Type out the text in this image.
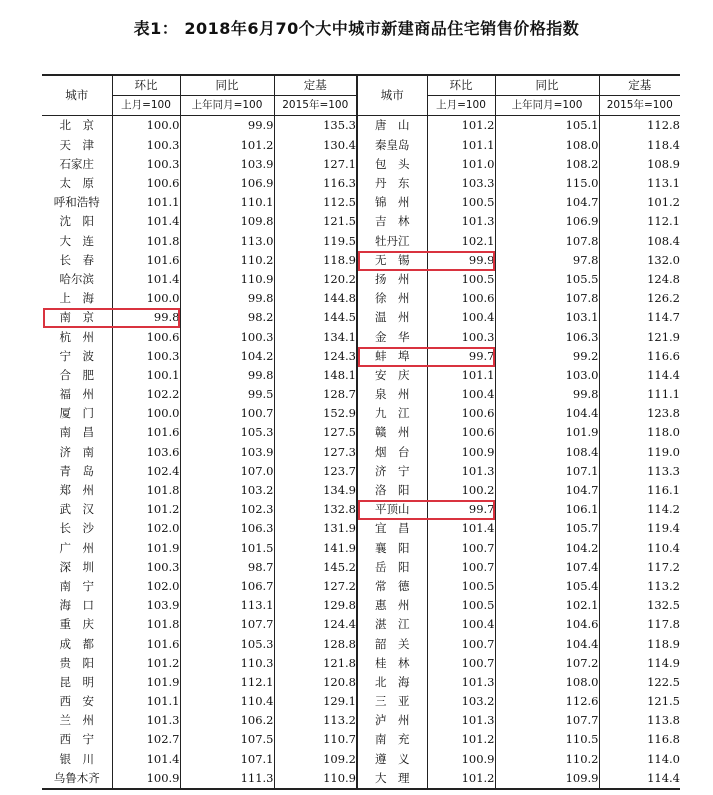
表1： 2018年6月70个大中城市新建商品住宅销售价格指数
城市	环比	同比	定基	城市	环比	同比	定基
	上月=100	上年同月=100	2015年=100		上月=100	上年同月=100	2015年=100
北　京	100.0	99.9	135.3	唐　山	101.2	105.1	112.8
天　津	100.3	101.2	130.4	秦皇岛	101.1	108.0	118.4
石家庄	100.3	103.9	127.1	包　头	101.0	108.2	108.9
太　原	100.6	106.9	116.3	丹　东	103.3	115.0	113.1
呼和浩特	101.1	110.1	112.5	锦　州	100.5	104.7	101.2
沈　阳	101.4	109.8	121.5	吉　林	101.3	106.9	112.1
大　连	101.8	113.0	119.5	牡丹江	102.1	107.8	108.4
长　春	101.6	110.2	118.9	无　锡	99.9	97.8	132.0
哈尔滨	101.4	110.9	120.2	扬　州	100.5	105.5	124.8
上　海	100.0	99.8	144.8	徐　州	100.6	107.8	126.2
南　京	99.8	98.2	144.5	温　州	100.4	103.1	114.7
杭　州	100.6	100.3	134.1	金　华	100.3	106.3	121.9
宁　波	100.3	104.2	124.3	蚌　埠	99.7	99.2	116.6
合　肥	100.1	99.8	148.1	安　庆	101.1	103.0	114.4
福　州	102.2	99.5	128.7	泉　州	100.4	99.8	111.1
厦　门	100.0	100.7	152.9	九　江	100.6	104.4	123.8
南　昌	101.6	105.3	127.5	赣　州	100.6	101.9	118.0
济　南	103.6	103.9	127.3	烟　台	100.9	108.4	119.0
青　岛	102.4	107.0	123.7	济　宁	101.3	107.1	113.3
郑　州	101.8	103.2	134.9	洛　阳	100.2	104.7	116.1
武　汉	101.2	102.3	132.8	平顶山	99.7	106.1	114.2
长　沙	102.0	106.3	131.9	宜　昌	101.4	105.7	119.4
广　州	101.9	101.5	141.9	襄　阳	100.7	104.2	110.4
深　圳	100.3	98.7	145.2	岳　阳	100.7	107.4	117.2
南　宁	102.0	106.7	127.2	常　德	100.5	105.4	113.2
海　口	103.9	113.1	129.8	惠　州	100.5	102.1	132.5
重　庆	101.8	107.7	124.4	湛　江	100.4	104.6	117.8
成　都	101.6	105.3	128.8	韶　关	100.7	104.4	118.9
贵　阳	101.2	110.3	121.8	桂　林	100.7	107.2	114.9
昆　明	101.9	112.1	120.8	北　海	101.3	108.0	122.5
西　安	101.1	110.4	129.1	三　亚	103.2	112.6	121.5
兰　州	101.3	106.2	113.2	泸　州	101.3	107.7	113.8
西　宁	102.7	107.5	110.7	南　充	101.2	110.5	116.8
银　川	101.4	107.1	109.2	遵　义	100.9	110.2	114.0
乌鲁木齐	100.9	111.3	110.9	大　理	101.2	109.9	114.4
